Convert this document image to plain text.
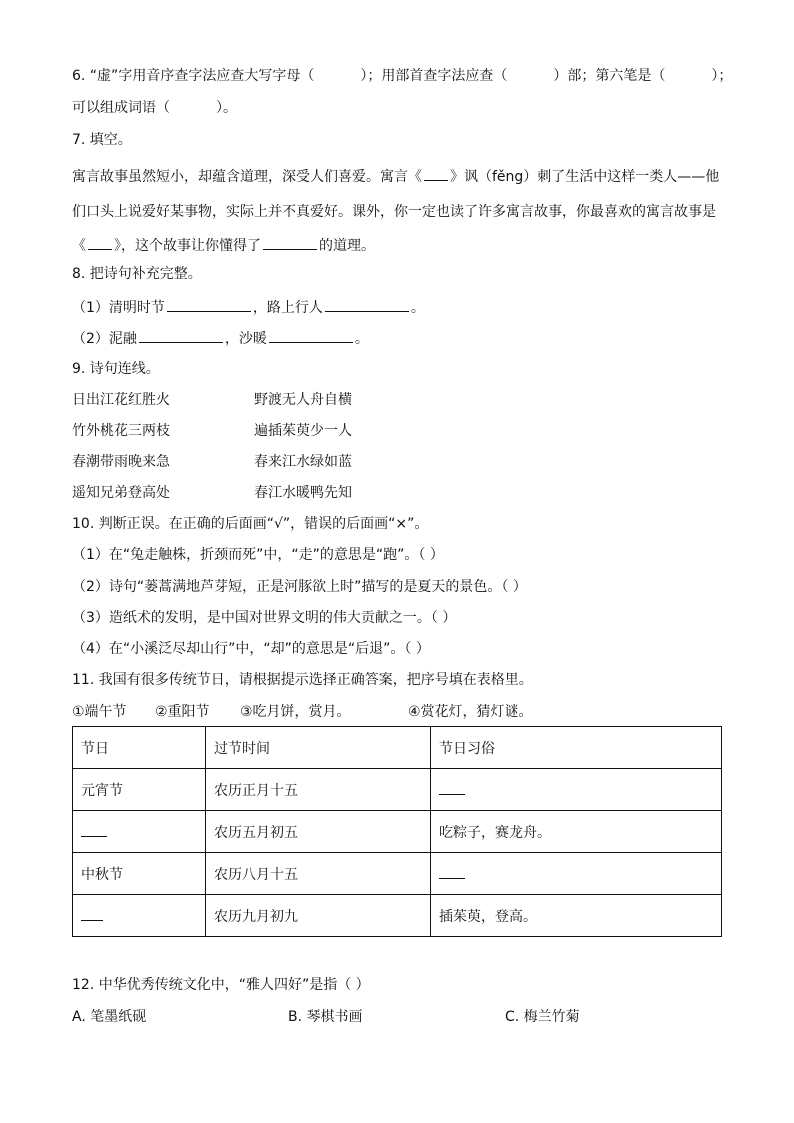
6. “虚”字用音序查字法应查大写字母（	）；用部首查字法应查（	）部；第六笔是（	）；
可以组成词语（	）。
7. 填空。
寓言故事虽然短小，却蕴含道理，深受人们喜爱。寓言《 》讽（fěng）刺了生活中这样一类人——他
们口头上说爱好某事物，实际上并不真爱好。课外，你一定也读了许多寓言故事，你最喜欢的寓言故事是
《 》，这个故事让你懂得了	的道理。
8. 把诗句补充完整。
（1）清明时节	，路上行人	。
（2）泥融	，沙暖	。
9. 诗句连线。
日出江花红胜火	野渡无人舟自横
竹外桃花三两枝	遍插茱萸少一人
春潮带雨晚来急	春来江水绿如蓝
遥知兄弟登高处	春江水暖鸭先知
10. 判断正误。在正确的后面画“√”，错误的后面画“×”。
（1）在“兔走触株，折颈而死”中，“走”的意思是“跑”。（ ）
（2）诗句“蒌蒿满地芦芽短，正是河豚欲上时”描写的是夏天的景色。（ ）
（3）造纸术的发明，是中国对世界文明的伟大贡献之一。（ ）
（4）在“小溪泛尽却山行”中，“却”的意思是“后退”。（ ）
11. 我国有很多传统节日，请根据提示选择正确答案，把序号填在表格里。
①端午节 ②重阳节 ③吃月饼，赏月。	④赏花灯，猜灯谜。
节日	过节时间	节日习俗
元宵节	农历正月十五	
	农历五月初五	吃粽子，赛龙舟。
中秋节	农历八月十五	
	农历九月初九	插茱萸，登高。
12. 中华优秀传统文化中，“雅人四好”是指（ ）
A. 笔墨纸砚	B. 琴棋书画	C. 梅兰竹菊
